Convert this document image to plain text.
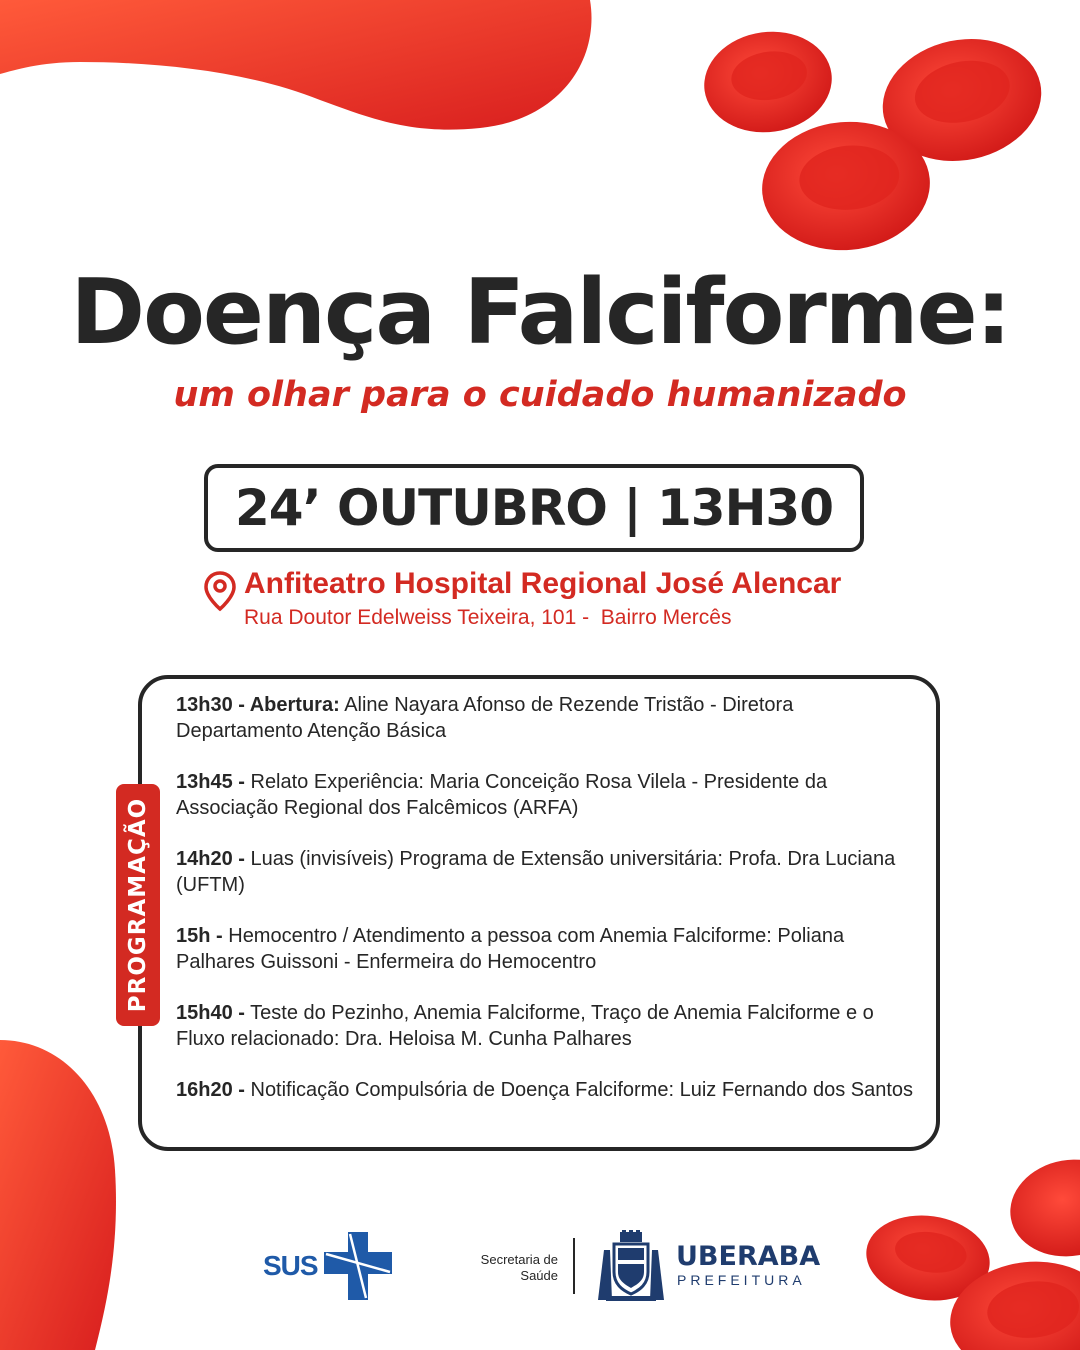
Doença Falciforme:
um olhar para o cuidado humanizado
24’ OUTUBRO | 13H30
Anfiteatro Hospital Regional José Alencar
Rua Doutor Edelweiss Teixeira, 101 -  Bairro Mercês
PROGRAMAÇÃO
13h30 - Abertura: Aline Nayara Afonso de Rezende Tristão - Diretora Departamento Atenção Básica
13h45 - Relato Experiência: Maria Conceição Rosa Vilela - Presidente da Associação Regional dos Falcêmicos (ARFA)
14h20 - Luas (invisíveis) Programa de Extensão universitária: Profa. Dra Luciana (UFTM)
15h - Hemocentro / Atendimento a pessoa com Anemia Falciforme: Poliana Palhares Guissoni - Enfermeira do Hemocentro
15h40 - Teste do Pezinho, Anemia Falciforme, Traço de Anemia Falciforme e o Fluxo relacionado: Dra. Heloisa M. Cunha Palhares
16h20 - Notificação Compulsória de Doença Falciforme: Luiz Fernando dos Santos
SUS	Secretaria de
Saúde
UBERABA
PREFEITURA
